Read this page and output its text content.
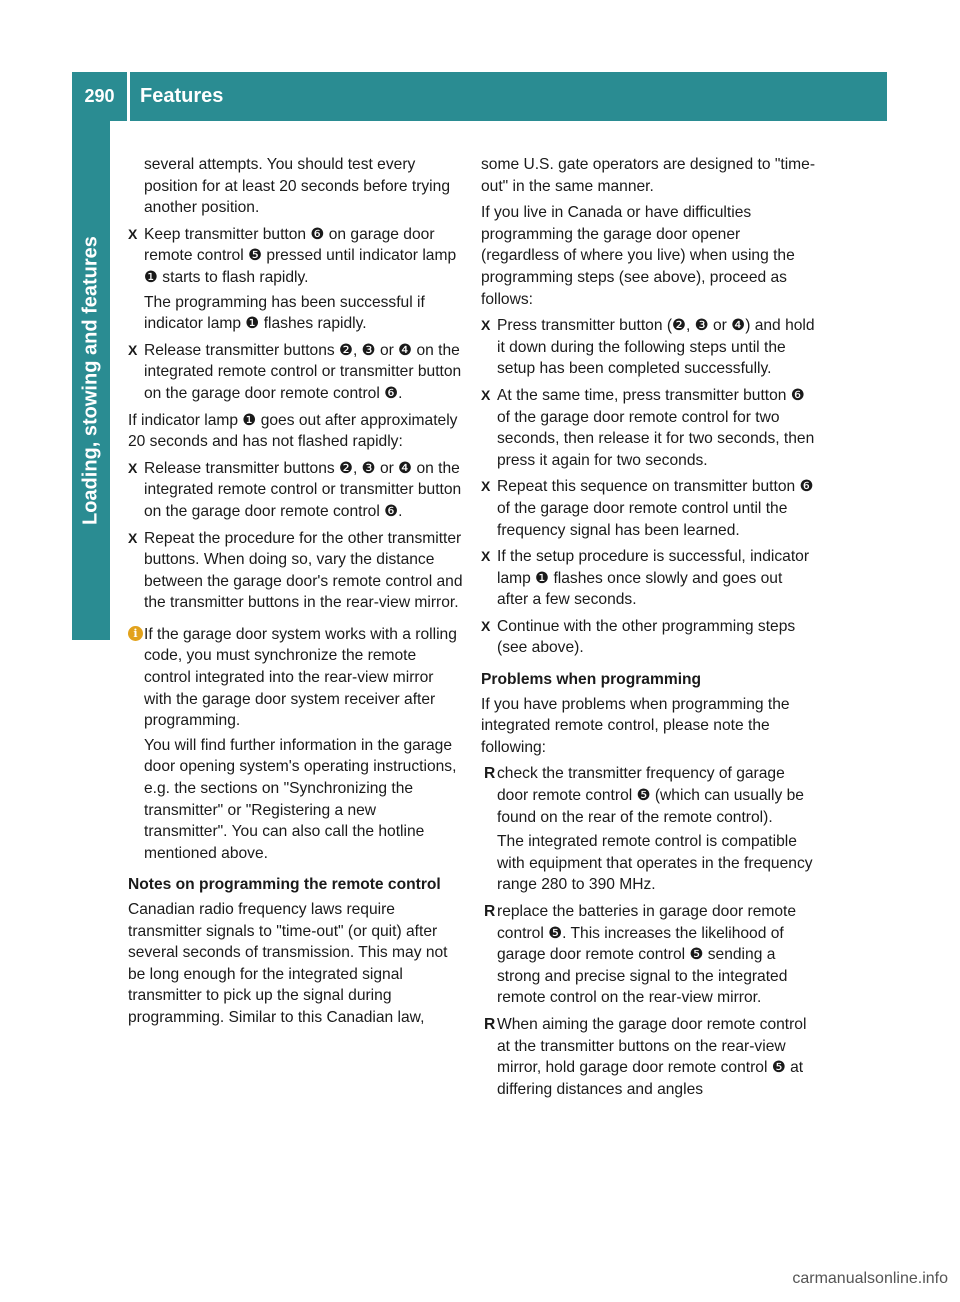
290	Features
Loading, stowing and features
several attempts. You should test every position for at least 20 seconds before trying another position.
X Keep transmitter button ❻ on garage door remote control ❺ pressed until indicator lamp ❶ starts to flash rapidly.
The programming has been successful if indicator lamp ❶ flashes rapidly.
X Release transmitter buttons ❷, ❸ or ❹ on the integrated remote control or transmitter button on the garage door remote control ❻.
If indicator lamp ❶ goes out after approximately 20 seconds and has not flashed rapidly:
X Release transmitter buttons ❷, ❸ or ❹ on the integrated remote control or transmitter button on the garage door remote control ❻.
X Repeat the procedure for the other transmitter buttons. When doing so, vary the distance between the garage door's remote control and the transmitter buttons in the rear-view mirror.
i If the garage door system works with a rolling code, you must synchronize the remote control integrated into the rear-view mirror with the garage door system receiver after programming.
You will find further information in the garage door opening system's operating instructions, e.g. the sections on "Synchronizing the transmitter" or "Registering a new transmitter". You can also call the hotline mentioned above.
Notes on programming the remote control
Canadian radio frequency laws require transmitter signals to "time-out" (or quit) after several seconds of transmission. This may not be long enough for the integrated signal transmitter to pick up the signal during programming. Similar to this Canadian law,
some U.S. gate operators are designed to "time-out" in the same manner.
If you live in Canada or have difficulties programming the garage door opener (regardless of where you live) when using the programming steps (see above), proceed as follows:
X Press transmitter button (❷, ❸ or ❹) and hold it down during the following steps until the setup has been completed successfully.
X At the same time, press transmitter button ❻ of the garage door remote control for two seconds, then release it for two seconds, then press it again for two seconds.
X Repeat this sequence on transmitter button ❻ of the garage door remote control until the frequency signal has been learned.
X If the setup procedure is successful, indicator lamp ❶ flashes once slowly and goes out after a few seconds.
X Continue with the other programming steps (see above).
Problems when programming
If you have problems when programming the integrated remote control, please note the following:
R check the transmitter frequency of garage door remote control ❺ (which can usually be found on the rear of the remote control).
The integrated remote control is compatible with equipment that operates in the frequency range 280 to 390 MHz.
R replace the batteries in garage door remote control ❺. This increases the likelihood of garage door remote control ❺ sending a strong and precise signal to the integrated remote control on the rear-view mirror.
R When aiming the garage door remote control at the transmitter buttons on the rear-view mirror, hold garage door remote control ❺ at differing distances and angles
carmanualsonline.info
